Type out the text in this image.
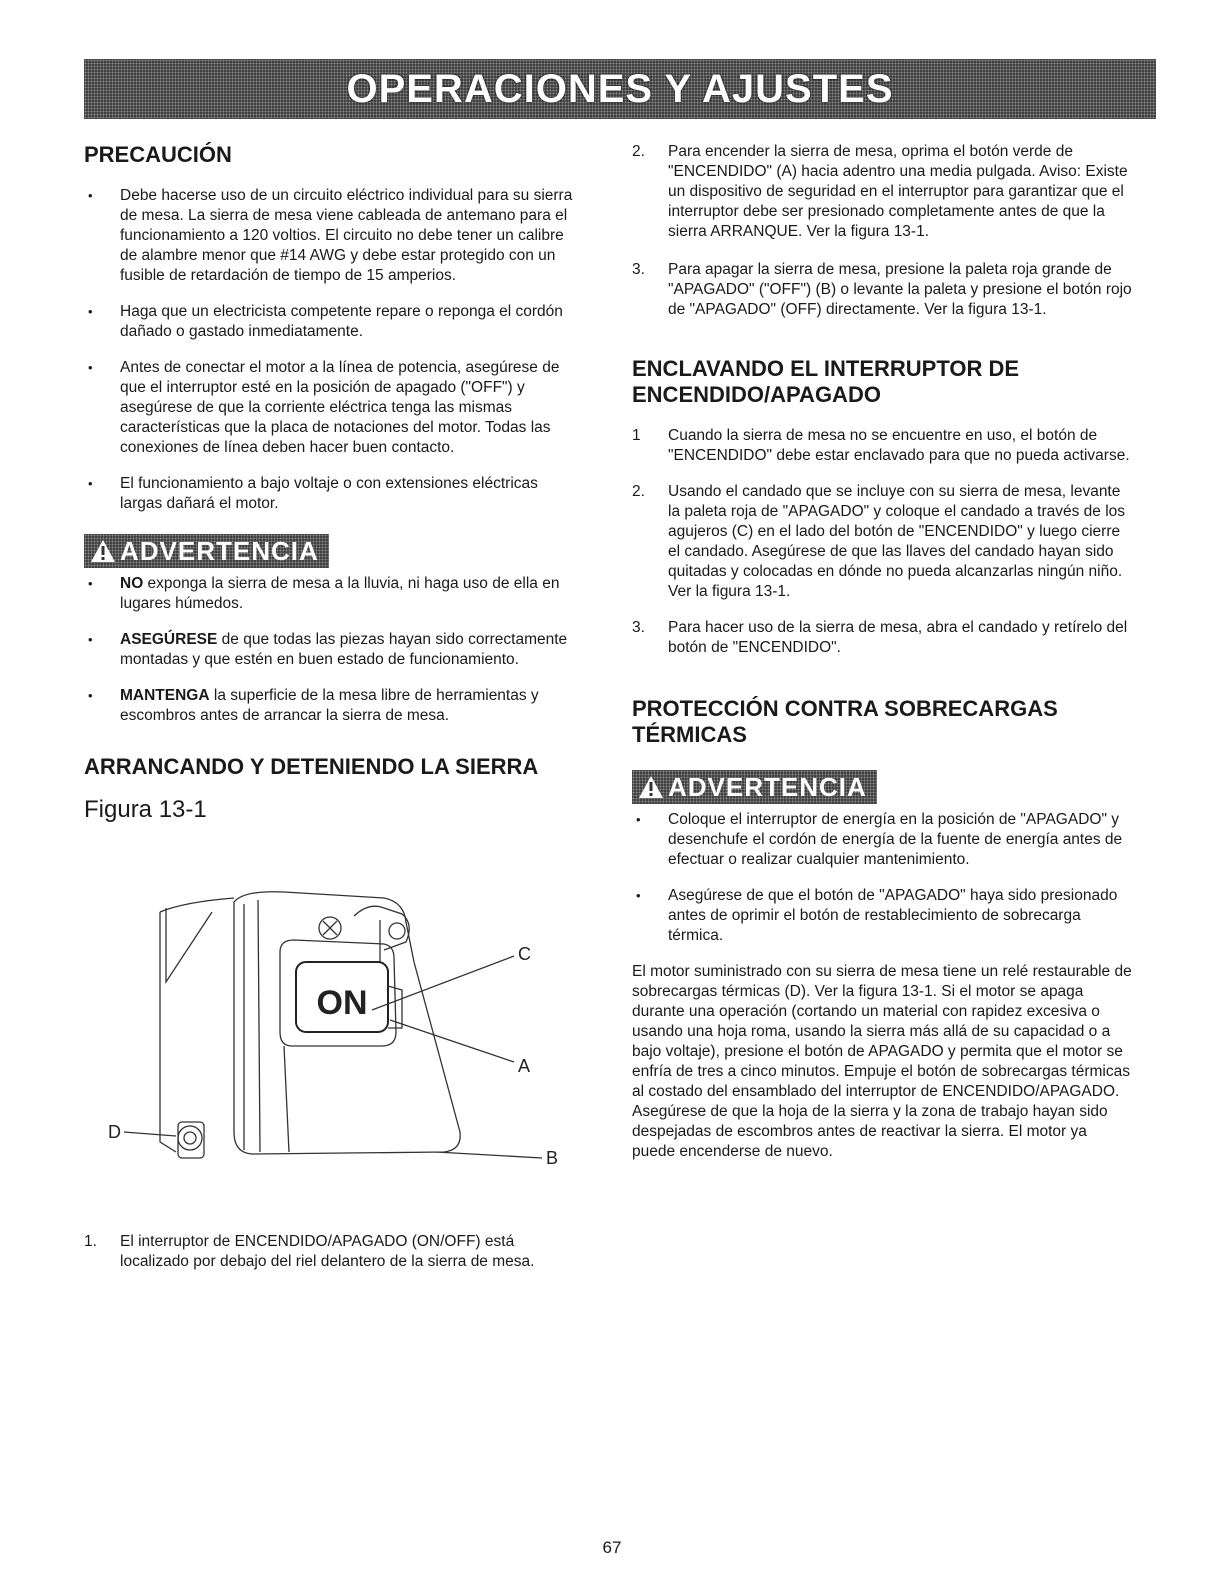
OPERACIONES Y AJUSTES
PRECAUCIÓN
• Debe hacerse uso de un circuito eléctrico individual para su sierra de mesa. La sierra de mesa viene cableada de antemano para el funcionamiento a 120 voltios. El circuito no debe tener un calibre de alambre menor que #14 AWG y debe estar protegido con un fusible de retardación de tiempo de 15 amperios.
• Haga que un electricista competente repare o reponga el cordón dañado o gastado inmediatamente.
• Antes de conectar el motor a la línea de potencia, asegúrese de que el interruptor esté en la posición de apagado ("OFF") y asegúrese de que la corriente eléctrica tenga las mismas características que la placa de notaciones del motor. Todas las conexiones de línea deben hacer buen contacto.
• El funcionamiento a bajo voltaje o con extensiones eléctricas largas dañará el motor.
ADVERTENCIA
• NO exponga la sierra de mesa a la lluvia, ni haga uso de ella en lugares húmedos.
• ASEGÚRESE de que todas las piezas hayan sido correctamente montadas y que estén en buen estado de funcionamiento.
• MANTENGA la superficie de la mesa libre de herramientas y escombros antes de arrancar la sierra de mesa.
ARRANCANDO Y DETENIENDO LA SIERRA
Figura 13-1
ON
C
A
B
D
1. El interruptor de ENCENDIDO/APAGADO (ON/OFF) está localizado por debajo del riel delantero de la sierra de mesa.
2. Para encender la sierra de mesa, oprima el botón verde de "ENCENDIDO" (A) hacia adentro una media pulgada. Aviso: Existe un dispositivo de seguridad en el interruptor para garantizar que el interruptor debe ser presionado completamente antes de que la sierra ARRANQUE. Ver la figura 13-1.
3. Para apagar la sierra de mesa, presione la paleta roja grande de "APAGADO" ("OFF") (B) o levante la paleta y presione el botón rojo de "APAGADO" (OFF) directamente. Ver la figura 13-1.
ENCLAVANDO EL INTERRUPTOR DE ENCENDIDO/APAGADO
1 Cuando la sierra de mesa no se encuentre en uso, el botón de "ENCENDIDO" debe estar enclavado para que no pueda activarse.
2. Usando el candado que se incluye con su sierra de mesa, levante la paleta roja de "APAGADO" y coloque el candado a través de los agujeros (C) en el lado del botón de "ENCENDIDO" y luego cierre el candado. Asegúrese de que las llaves del candado hayan sido quitadas y colocadas en dónde no pueda alcanzarlas ningún niño. Ver la figura 13-1.
3. Para hacer uso de la sierra de mesa, abra el candado y retírelo del botón de "ENCENDIDO".
PROTECCIÓN CONTRA SOBRECARGAS TÉRMICAS
ADVERTENCIA
• Coloque el interruptor de energía en la posición de "APAGADO" y desenchufe el cordón de energía de la fuente de energía antes de efectuar o realizar cualquier mantenimiento.
• Asegúrese de que el botón de "APAGADO" haya sido presionado antes de oprimir el botón de restablecimiento de sobrecarga térmica.

El motor suministrado con su sierra de mesa tiene un relé restaurable de sobrecargas térmicas (D). Ver la figura 13-1. Si el motor se apaga durante una operación (cortando un material con rapidez excesiva o usando una hoja roma, usando la sierra más allá de su capacidad o a bajo voltaje), presione el botón de APAGADO y permita que el motor se enfría de tres a cinco minutos. Empuje el botón de sobrecargas térmicas al costado del ensamblado del interruptor de ENCENDIDO/APAGADO. Asegúrese de que la hoja de la sierra y la zona de trabajo hayan sido despejadas de escombros antes de reactivar la sierra. El motor ya puede encenderse de nuevo.

67
